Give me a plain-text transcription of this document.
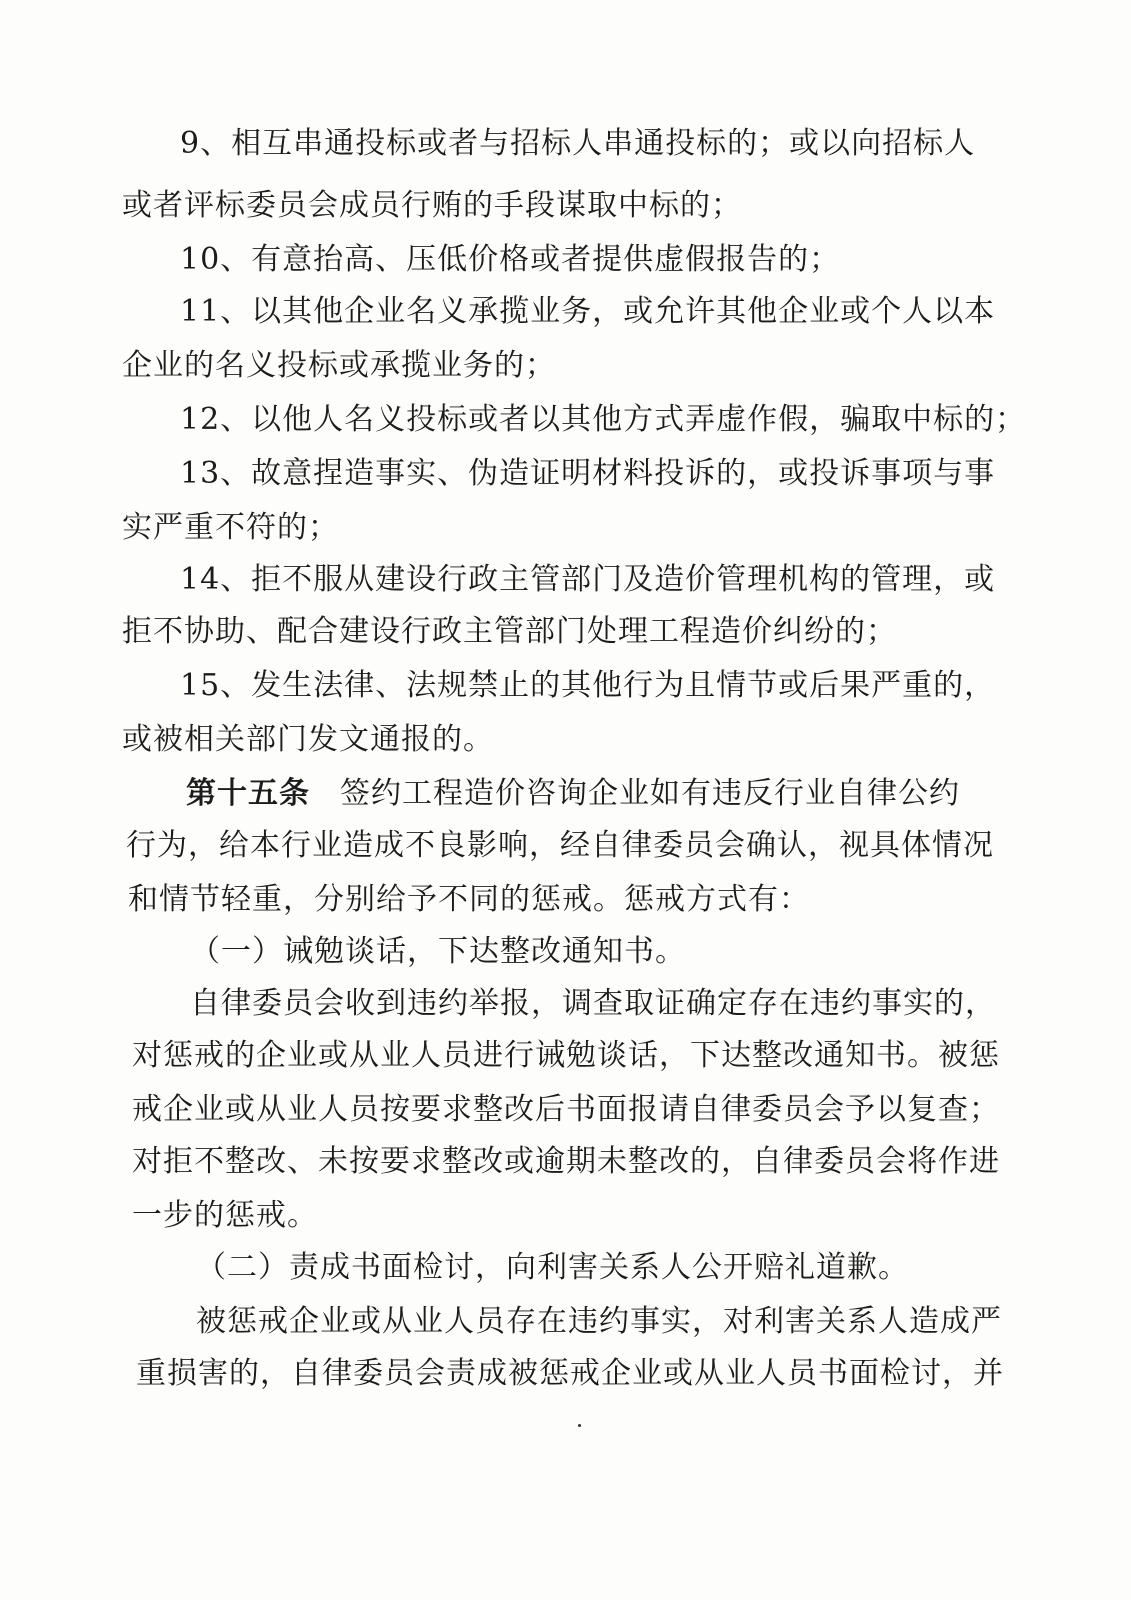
9、相互串通投标或者与招标人串通投标的；或以向招标人

或者评标委员会成员行贿的手段谋取中标的；

10、有意抬高、压低价格或者提供虚假报告的；

11、以其他企业名义承揽业务，或允许其他企业或个人以本

企业的名义投标或承揽业务的；

12、以他人名义投标或者以其他方式弄虚作假，骗取中标的；

13、故意捏造事实、伪造证明材料投诉的，或投诉事项与事

实严重不符的；

14、拒不服从建设行政主管部门及造价管理机构的管理，或

拒不协助、配合建设行政主管部门处理工程造价纠纷的；

15、发生法律、法规禁止的其他行为且情节或后果严重的，

或被相关部门发文通报的。

第十五条 签约工程造价咨询企业如有违反行业自律公约

行为，给本行业造成不良影响，经自律委员会确认，视具体情况

和情节轻重，分别给予不同的惩戒。惩戒方式有：

（一）诫勉谈话，下达整改通知书。

自律委员会收到违约举报，调查取证确定存在违约事实的，

对惩戒的企业或从业人员进行诫勉谈话，下达整改通知书。被惩

戒企业或从业人员按要求整改后书面报请自律委员会予以复查；

对拒不整改、未按要求整改或逾期未整改的，自律委员会将作进

一步的惩戒。

（二）责成书面检讨，向利害关系人公开赔礼道歉。

被惩戒企业或从业人员存在违约事实，对利害关系人造成严

重损害的，自律委员会责成被惩戒企业或从业人员书面检讨，并
